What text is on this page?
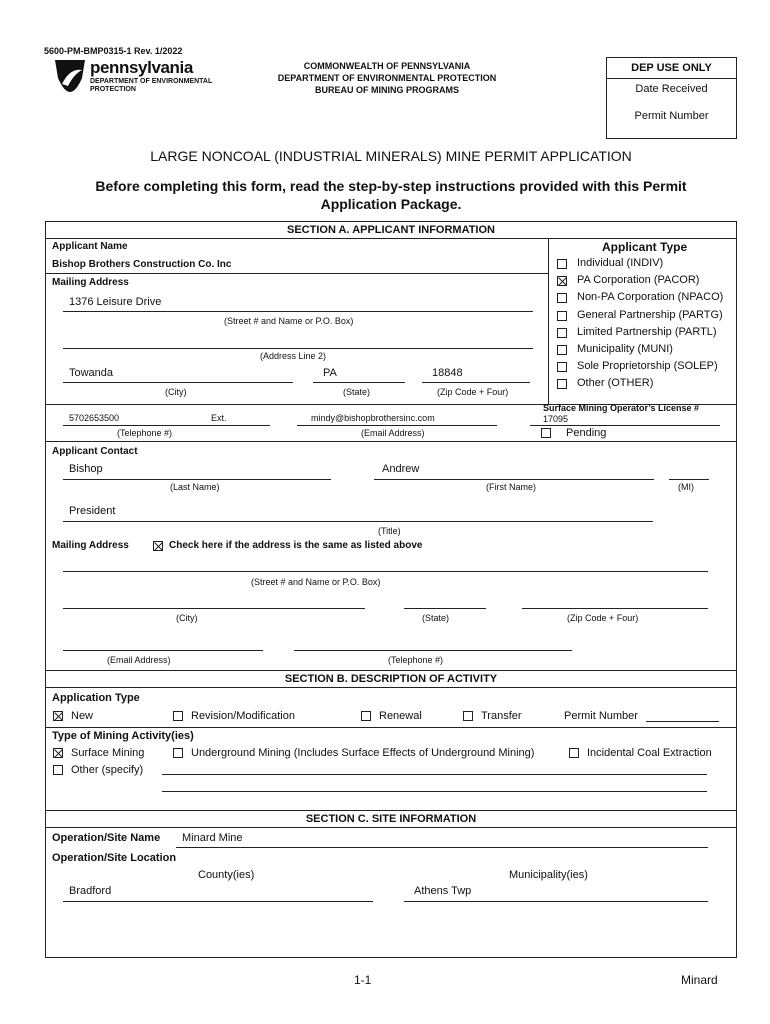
5600-PM-BMP0315-1 Rev. 1/2022
pennsylvania
DEPARTMENT OF ENVIRONMENTAL
PROTECTION
COMMONWEALTH OF PENNSYLVANIA
DEPARTMENT OF ENVIRONMENTAL PROTECTION
BUREAU OF MINING PROGRAMS
DEP USE ONLY
Date Received
Permit Number
LARGE NONCOAL (INDUSTRIAL MINERALS) MINE PERMIT APPLICATION
Before completing this form, read the step-by-step instructions provided with this Permit
Application Package.
SECTION A. APPLICANT INFORMATION
Applicant Name
Bishop Brothers Construction Co. Inc
Mailing Address
1376 Leisure Drive
(Street # and Name or P.O. Box)
(Address Line 2)
Towanda	PA	18848
(City)	(State)	(Zip Code + Four)
Applicant Type
Individual (INDIV)
PA Corporation (PACOR)
Non-PA Corporation (NPACO)
General Partnership (PARTG)
Limited Partnership (PARTL)
Municipality (MUNI)
Sole Proprietorship (SOLEP)
Other (OTHER)
5702653500	Ext.	mindy@bishopbrothersinc.com
(Telephone #)	(Email Address)
Surface Mining Operator’s License #
17095
Pending
Applicant Contact
Bishop	Andrew
(Last Name)	(First Name)	(MI)
President
(Title)
Mailing Address	Check here if the address is the same as listed above
(Street # and Name or P.O. Box)
(City)	(State)	(Zip Code + Four)
(Email Address)	(Telephone #)
SECTION B. DESCRIPTION OF ACTIVITY
Application Type
New	Revision/Modification	Renewal	Transfer	Permit Number
Type of Mining Activity(ies)
Surface Mining	Underground Mining (Includes Surface Effects of Underground Mining)	Incidental Coal Extraction
Other (specify)
SECTION C. SITE INFORMATION
Operation/Site Name Minard Mine
Operation/Site Location
County(ies)	Municipality(ies)
Bradford	Athens Twp
1-1	Minard
